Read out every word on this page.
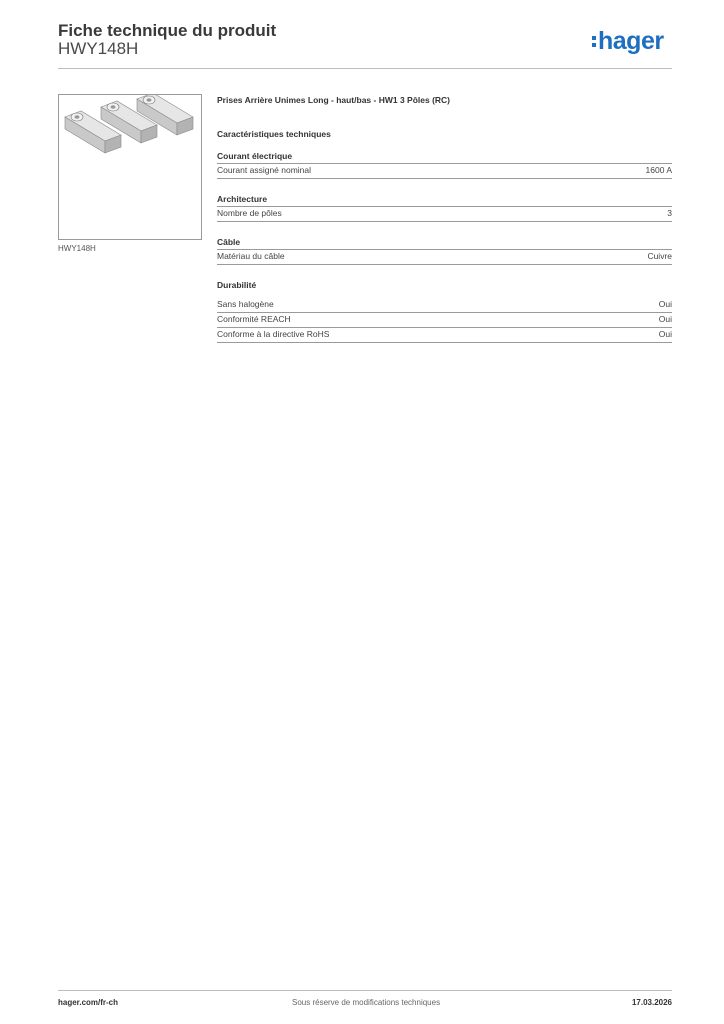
Fiche technique du produit
HWY148H	hager
HWY148H
Prises Arrière Unimes Long - haut/bas - HW1 3 Pôles (RC)
Caractéristiques techniques
Courant électrique
Courant assigné nominal	1600 A
Architecture
Nombre de pôles	3
Câble
Matériau du câble	Cuivre
Durabilité
Sans halogène	Oui
Conformité REACH	Oui
Conforme à la directive RoHS	Oui
hager.com/fr-ch	Sous réserve de modifications techniques	17.03.2026
